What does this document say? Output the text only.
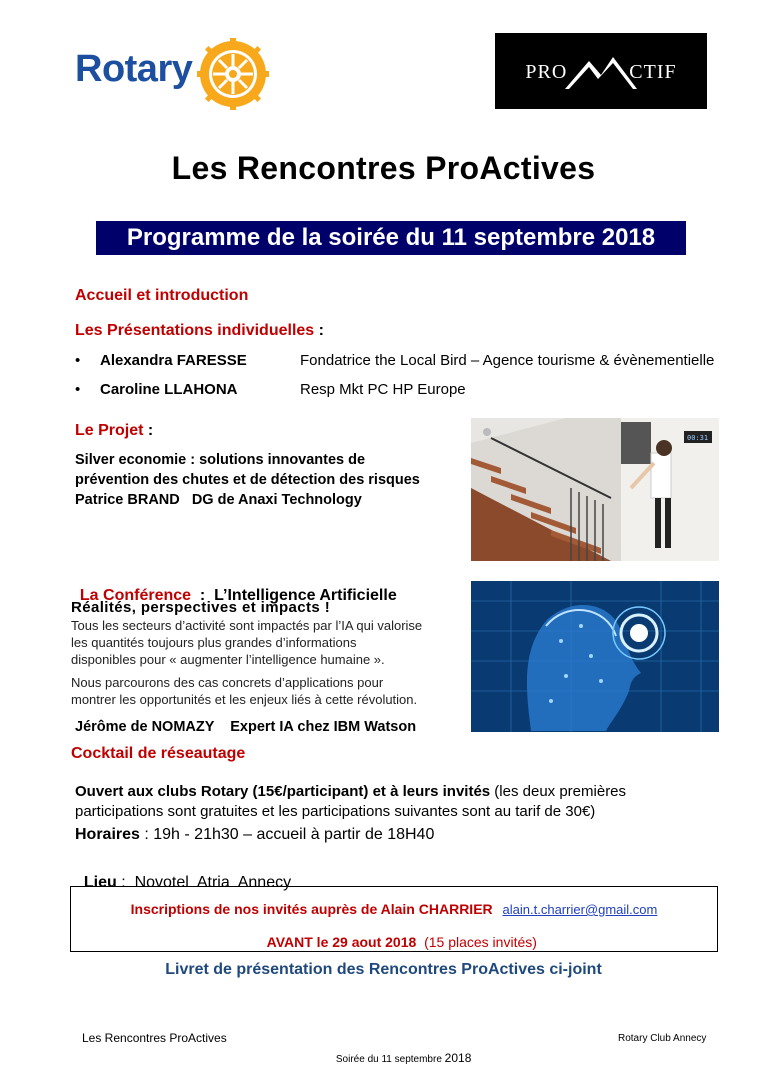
Rotary	PRO	CTIF
Les Rencontres ProActives
Programme de la soirée du 11 septembre 2018
Accueil et introduction
Les Présentations individuelles :
• Alexandra FARESSE	Fondatrice the Local Bird – Agence tourisme & évènementielle
• Caroline LLAHONA	Resp Mkt PC HP Europe
Le Projet :
Silver economie : solutions innovantes de
prévention des chutes et de détection des risques
Patrice BRAND   DG de Anaxi Technology
00:31

La Conférence  :  L’Intelligence Artificielle

Réalités, perspectives et impacts !
Tous les secteurs d’activité sont impactés par l’IA qui valorise
les quantités toujours plus grandes d’informations
disponibles pour « augmenter l’intelligence humaine ».
Nous parcourons des cas concrets d’applications pour
montrer les opportunités et les enjeux liés à cette révolution.
Jérôme de NOMAZY    Expert IA chez IBM Watson
Cocktail de réseautage
Ouvert aux clubs Rotary (15€/participant) et à leurs invités (les deux premières
participations sont gratuites et les participations suivantes sont au tarif de 30€)
Horaires : 19h - 21h30 – accueil à partir de 18H40

Lieu :  Novotel  Atria  Annecy

Inscriptions de nos invités auprès de Alain CHARRIER alain.t.charrier@gmail.com

AVANT le 29 aout 2018  (15 places invités)

Livret de présentation des Rencontres ProActives ci-joint
Les Rencontres ProActives

Soirée du 11 septembre 2018

Rotary Club Annecy
